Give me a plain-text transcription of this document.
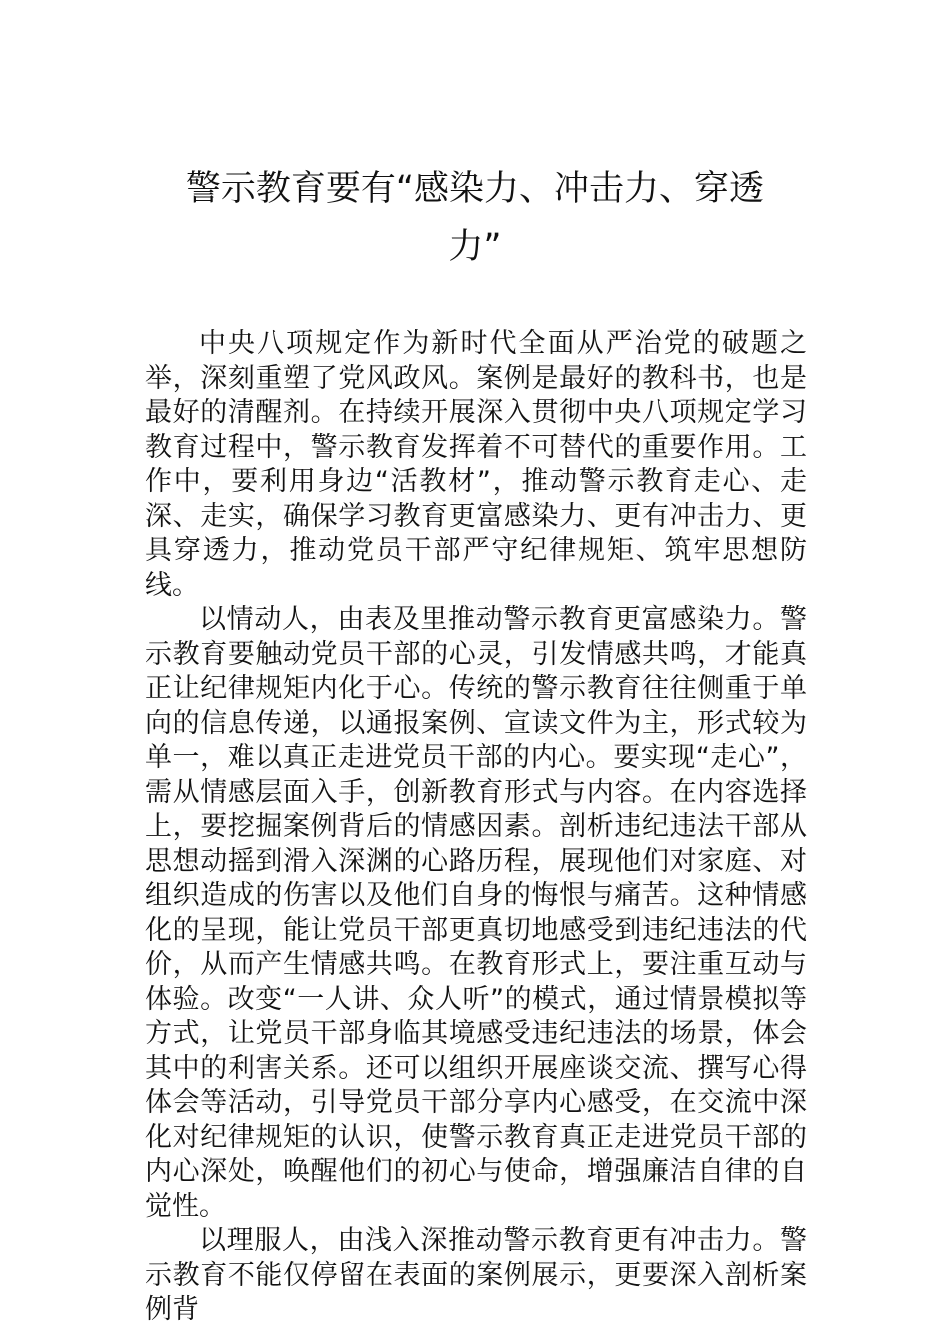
警示教育要有“感染力、冲击力、穿透力”

中央八项规定作为新时代全面从严治党的破题之举，深刻重塑了党风政风。案例是最好的教科书，也是最好的清醒剂。在持续开展深入贯彻中央八项规定学习教育过程中，警示教育发挥着不可替代的重要作用。工作中，要利用身边“活教材”，推动警示教育走心、走深、走实，确保学习教育更富感染力、更有冲击力、更具穿透力，推动党员干部严守纪律规矩、筑牢思想防线。

以情动人，由表及里推动警示教育更富感染力。警示教育要触动党员干部的心灵，引发情感共鸣，才能真正让纪律规矩内化于心。传统的警示教育往往侧重于单向的信息传递，以通报案例、宣读文件为主，形式较为单一，难以真正走进党员干部的内心。要实现“走心”，需从情感层面入手，创新教育形式与内容。在内容选择上，要挖掘案例背后的情感因素。剖析违纪违法干部从思想动摇到滑入深渊的心路历程，展现他们对家庭、对组织造成的伤害以及他们自身的悔恨与痛苦。这种情感化的呈现，能让党员干部更真切地感受到违纪违法的代价，从而产生情感共鸣。在教育形式上，要注重互动与体验。改变“一人讲、众人听”的模式，通过情景模拟等方式，让党员干部身临其境感受违纪违法的场景，体会其中的利害关系。还可以组织开展座谈交流、撰写心得体会等活动，引导党员干部分享内心感受，在交流中深化对纪律规矩的认识，使警示教育真正走进党员干部的内心深处，唤醒他们的初心与使命，增强廉洁自律的自觉性。

以理服人，由浅入深推动警示教育更有冲击力。警示教育不能仅停留在表面的案例展示，更要深入剖析案例背
